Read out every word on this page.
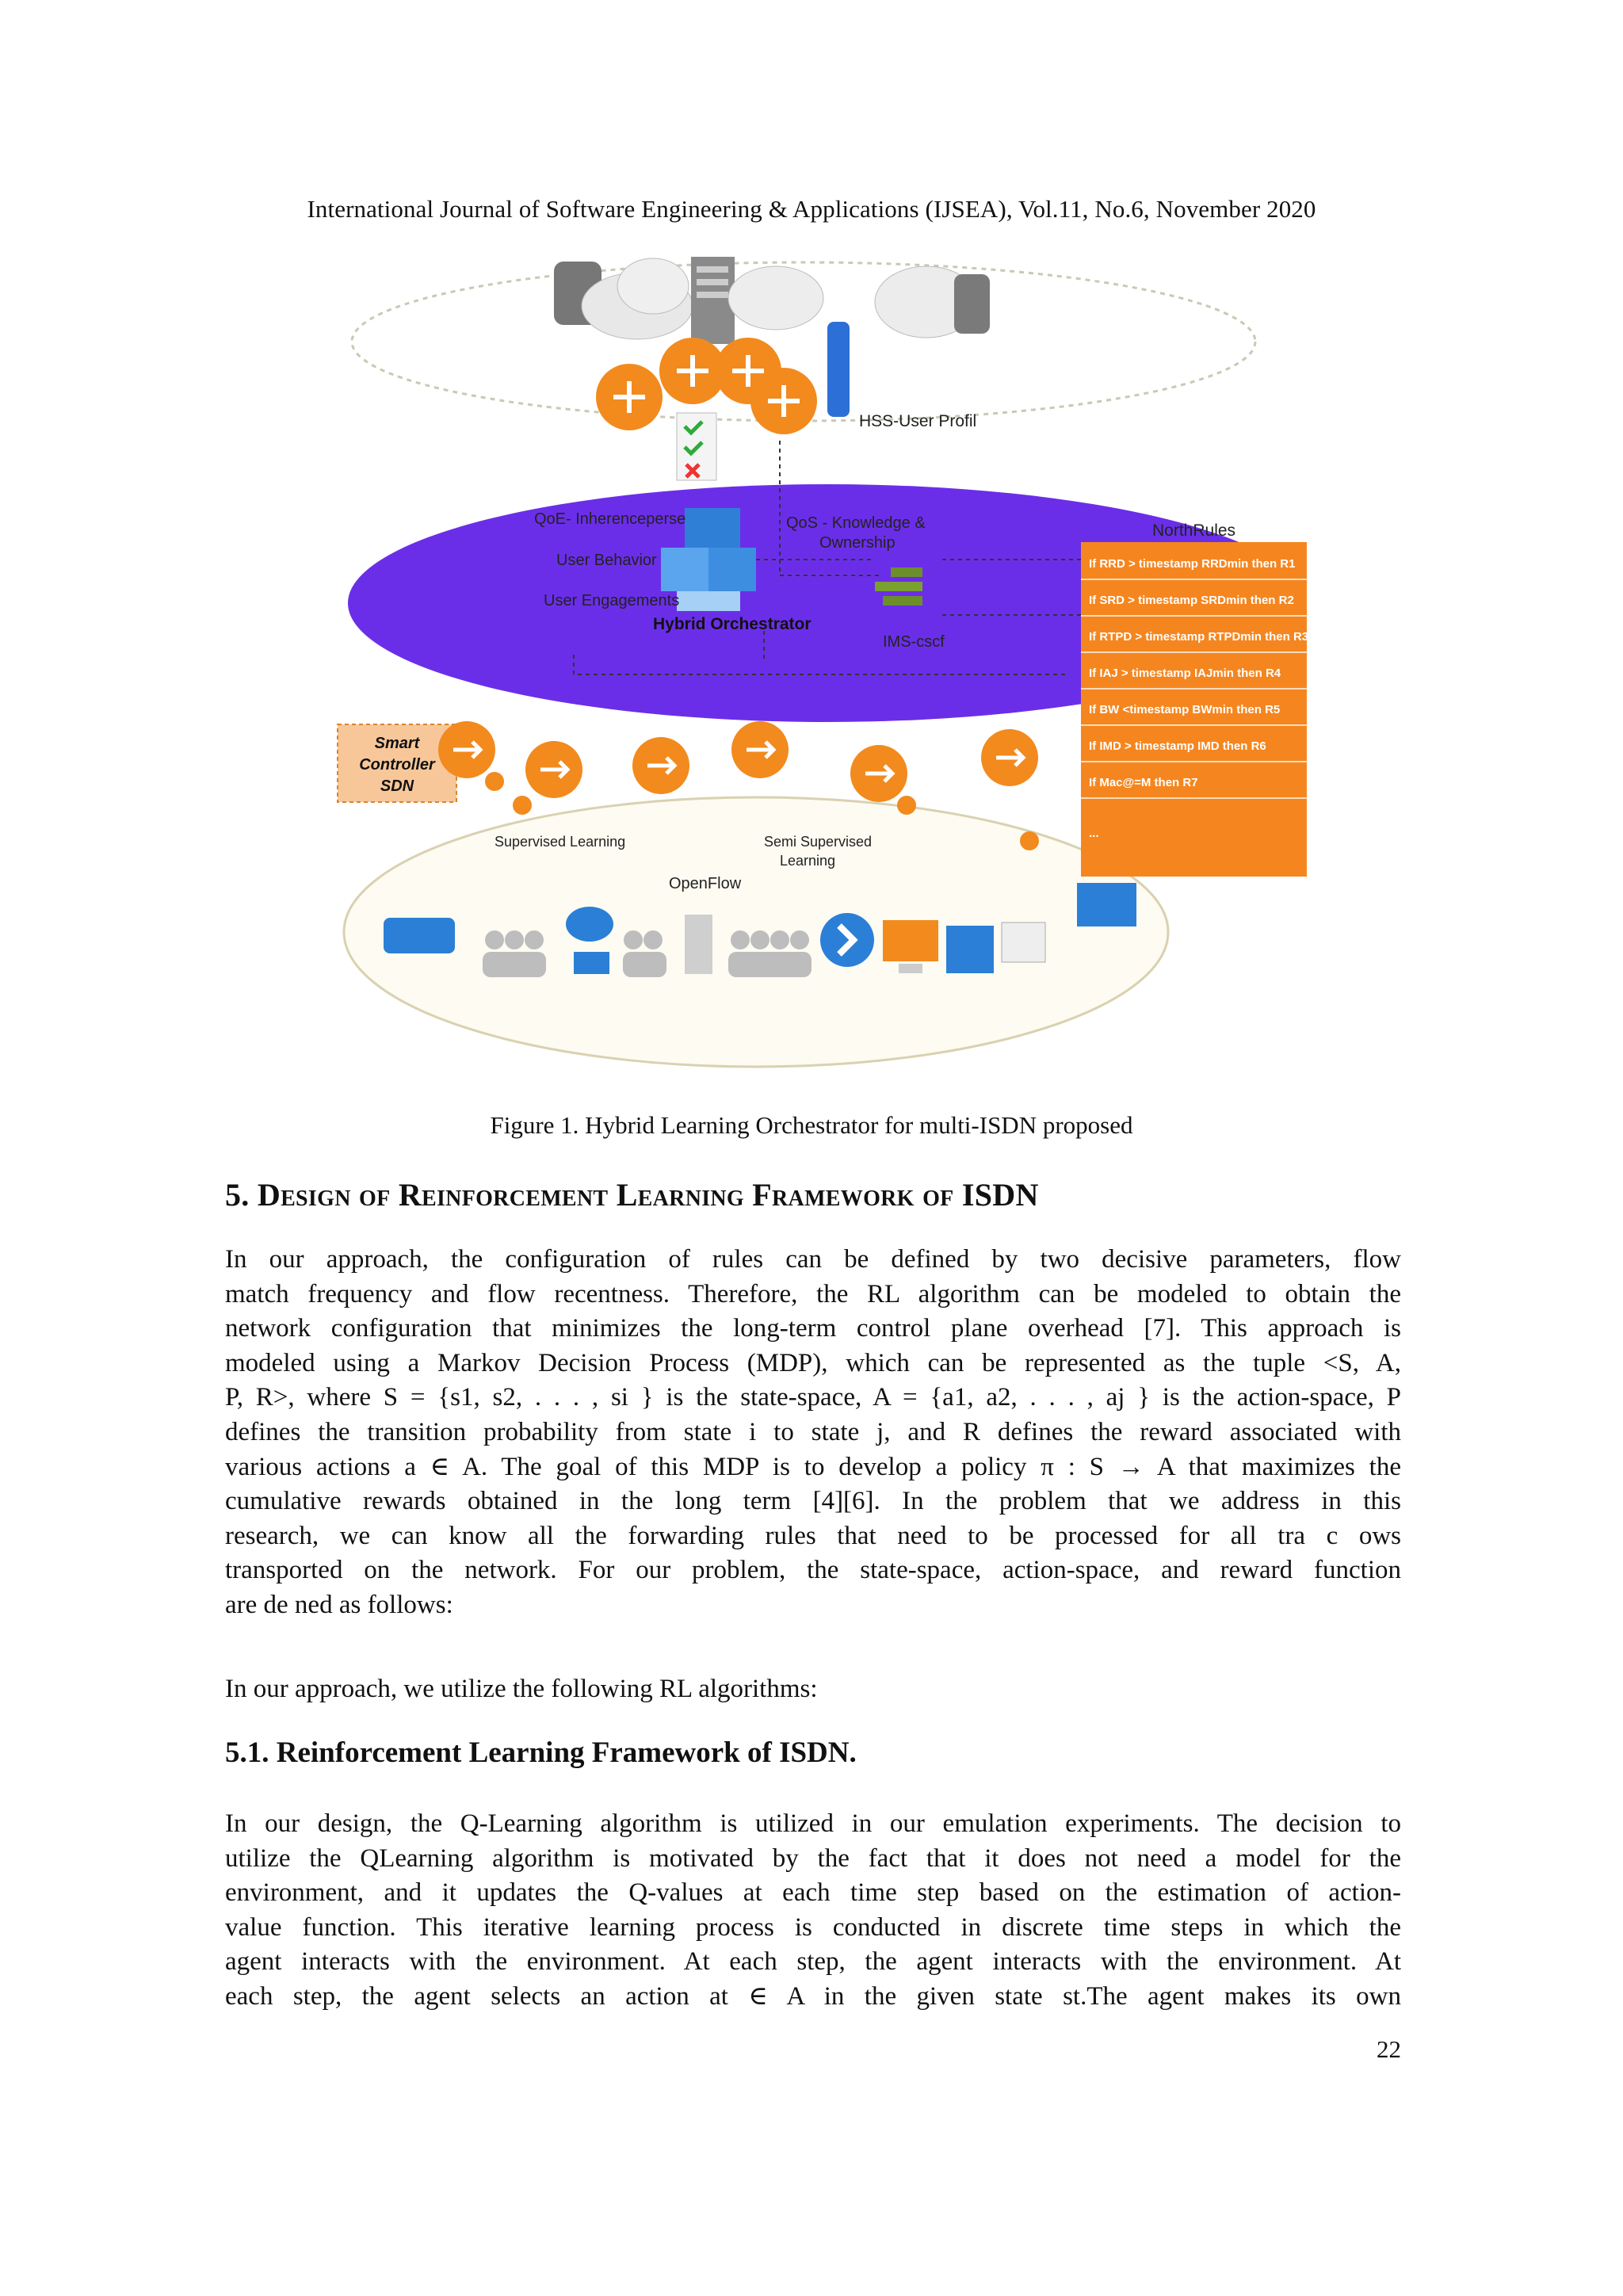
International Journal of Software Engineering & Applications (IJSEA), Vol.11, No.6, November 2020
HSS-User Profil
QoE- Inherenceperse
User Behavior
User Engagements
Hybrid Orchestrator
QoS - Knowledge &
Ownership
IMS-cscf
Smart
Controller
SDN
NorthRules
If RRD > timestamp RRDmin then R1
If SRD > timestamp SRDmin then R2
If RTPD > timestamp RTPDmin then R3
If IAJ > timestamp IAJmin then R4
If BW <timestamp BWmin then R5
If IMD > timestamp IMD then R6
If Mac@=M then R7
...
Supervised Learning	Semi Supervised
Learning
OpenFlow
Figure 1. Hybrid Learning Orchestrator for multi-ISDN proposed
5. Design of Reinforcement Learning Framework of ISDN
In our approach, the configuration of rules can be defined by two decisive parameters, flow
match frequency and flow recentness. Therefore, the RL algorithm can be modeled to obtain the
network configuration that minimizes the long-term control plane overhead [7]. This approach is
modeled using a Markov Decision Process (MDP), which can be represented as the tuple <S, A,
P, R>, where S = {s1, s2, . . . , si } is the state-space, A = {a1, a2, . . . , aj } is the action-space, P
defines the transition probability from state i to state j, and R defines the reward associated with
various actions a ∈ A. The goal of this MDP is to develop a policy π : S → A that maximizes the
cumulative rewards obtained in the long term [4][6]. In the problem that we address in this
research, we can know all the forwarding rules that need to be processed for all tra c ows
transported on the network. For our problem, the state-space, action-space, and reward function
are de ned as follows:
In our approach, we utilize the following RL algorithms:
5.1. Reinforcement Learning Framework of ISDN.
In our design, the Q-Learning algorithm is utilized in our emulation experiments. The decision to
utilize the QLearning algorithm is motivated by the fact that it does not need a model for the
environment, and it updates the Q-values at each time step based on the estimation of action-
value function. This iterative learning process is conducted in discrete time steps in which the
agent interacts with the environment. At each step, the agent interacts with the environment. At
each step, the agent selects an action at ∈ A in the given state st.The agent makes its own
22
